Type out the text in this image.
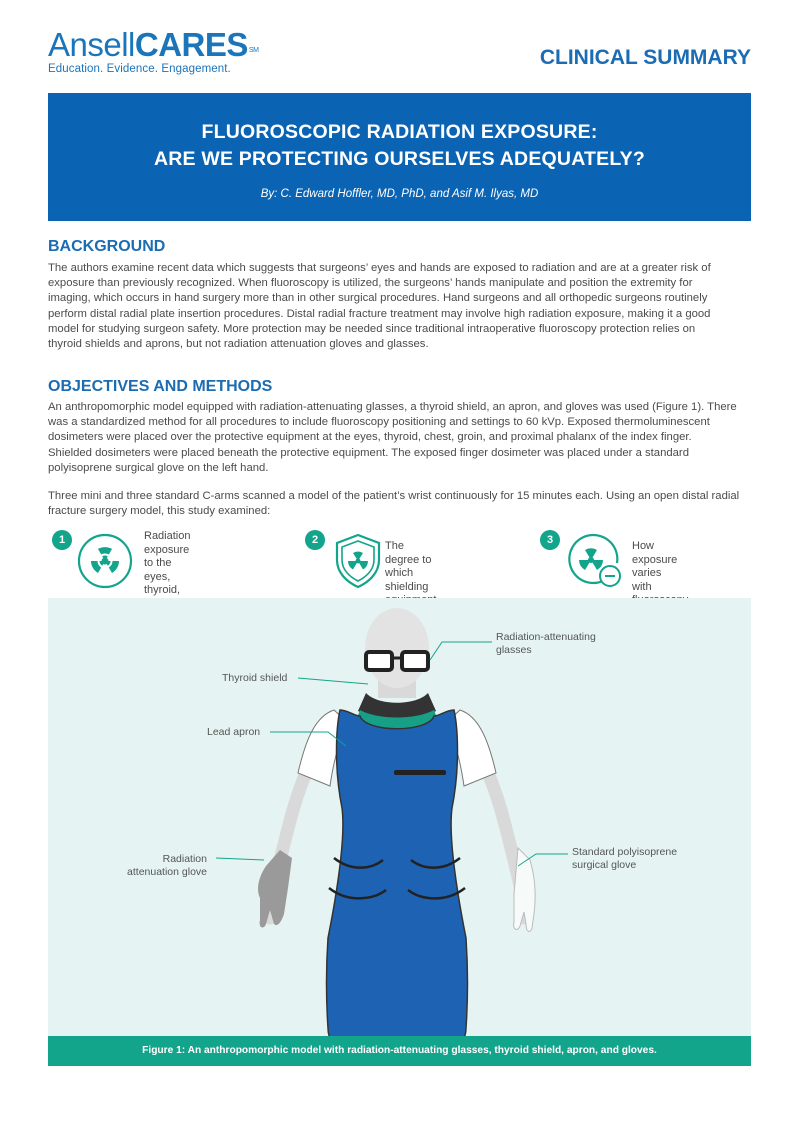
AnsellCARES℠
Education. Evidence. Engagement.	CLINICAL SUMMARY
FLUOROSCOPIC RADIATION EXPOSURE:
ARE WE PROTECTING OURSELVES ADEQUATELY?
By: C. Edward Hoffler, MD, PhD, and Asif M. Ilyas, MD
BACKGROUND
The authors examine recent data which suggests that surgeons’ eyes and hands are exposed to radiation and are at a greater risk of
exposure than previously recognized. When fluoroscopy is utilized, the surgeons’ hands manipulate and position the extremity for
imaging, which occurs in hand surgery more than in other surgical procedures. Hand surgeons and all orthopedic surgeons routinely
perform distal radial plate insertion procedures. Distal radial fracture treatment may involve high radiation exposure, making it a good
model for studying surgeon safety. More protection may be needed since traditional intraoperative fluoroscopy protection relies on
thyroid shields and aprons, but not radiation attenuation gloves and glasses.
OBJECTIVES AND METHODS
An anthropomorphic model equipped with radiation-attenuating glasses, a thyroid shield, an apron, and gloves was used (Figure 1). There
was a standardized method for all procedures to include fluoroscopy positioning and settings to 60 kVp. Exposed thermoluminescent
dosimeters were placed over the protective equipment at the eyes, thyroid, chest, groin, and proximal phalanx of the index finger.
Shielded dosimeters were placed beneath the protective equipment. The exposed finger dosimeter was placed under a standard
polyisoprene surgical glove on the left hand.
Three mini and three standard C-arms scanned a model of the patient’s wrist continuously for 15 minutes each. Using an open distal radial
fracture surgery model, this study examined:
1	Radiation exposure to the
eyes, thyroid,
2	The degree to which
shielding
3	How exposure varies
with
Radiation-attenuating
glasses
Thyroid shield
Lead apron
Radiation
attenuation glove
Standard polyisoprene
surgical glove
Figure 1: An anthropomorphic model with radiation-attenuating glasses, thyroid shield, apron, and gloves.
